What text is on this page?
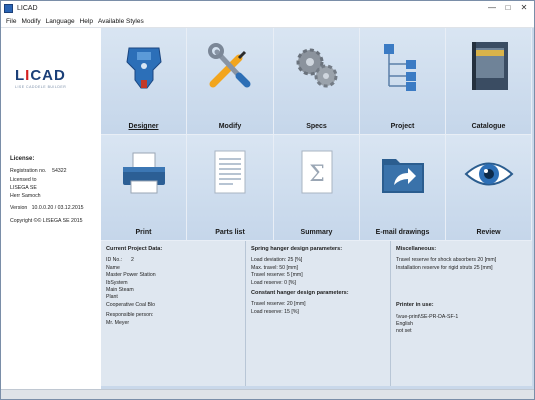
LICAD	—	□	✕
File Modify Language Help Available Styles
LICAD
LISE CADDELE BUILDER
License:
Registration no. 54322
Licensed to
LISEGA SE
Herr Samoch
Version 10.0.0.20 / 03.12.2015
Copyright ©© LISEGA SE 2015
Designer	Modify	Specs	Project	Catalogue
Print	Parts list
Σ
Summary	E-mail drawings	Review
Current Project Data:
ID No.:	2
Name
Master Power Station
IbSystem
Main Steam
Plant
Cooperative Coal Blo
Responsible person:
Mr. Meyer
Spring hanger design parameters:
Load deviation: 25 [%]
Max. travel: 50 [mm]
Travel reserve: 5 [mm]
Load reserve: 0 [%]
Constant hanger design parameters:
Travel reserve: 20 [mm]
Load reserve: 15 [%]
Miscellaneous:
Travel reserve for shock absorbers 20 [mm]
Installation reserve for rigid struts 25 [mm]
Printer in use:
\\vue-print\SE-PR-DA-SF-1
English
not set
